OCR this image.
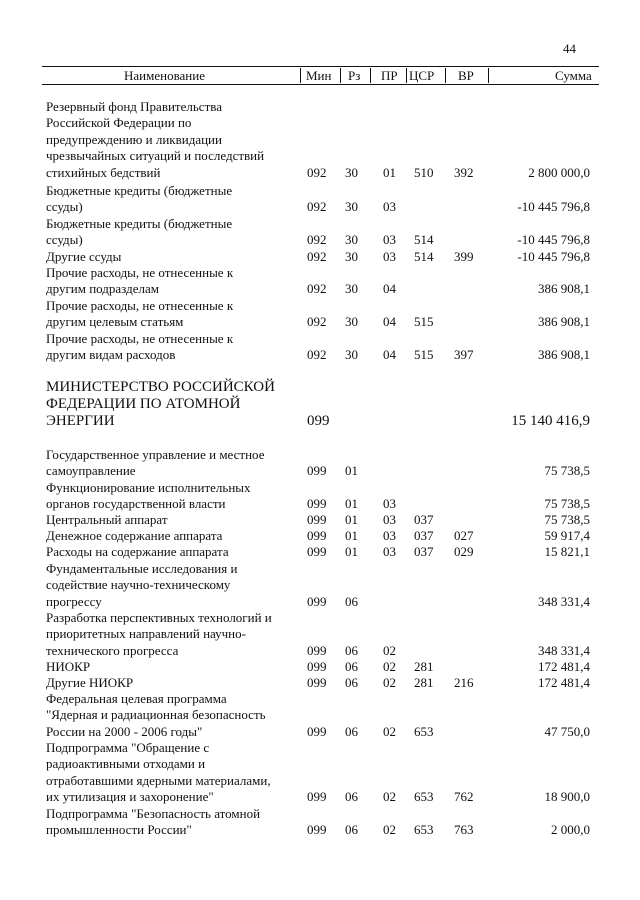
44
Наименование	Мин Рз ПР ЦСР ВР	Сумма
Резервный фонд Правительства
Российской Федерации по
предупреждению и ликвидации
чрезвычайных ситуаций и последствий
стихийных бедствий	092 30 01 510 392	2 800 000,0
Бюджетные кредиты (бюджетные
ссуды)	092 30 03	-10 445 796,8
Бюджетные кредиты (бюджетные
ссуды)	092 30 03 514	-10 445 796,8
Другие ссуды	092 30 03 514 399	-10 445 796,8
Прочие расходы, не отнесенные к
другим подразделам	092 30 04	386 908,1
Прочие расходы, не отнесенные к
другим целевым статьям	092 30 04 515	386 908,1
Прочие расходы, не отнесенные к
другим видам расходов	092 30 04 515 397	386 908,1
МИНИСТЕРСТВО РОССИЙСКОЙ
ФЕДЕРАЦИИ ПО АТОМНОЙ
ЭНЕРГИИ	099	15 140 416,9
Государственное управление и местное
самоуправление	099 01	75 738,5
Функционирование исполнительных
органов государственной власти	099 01 03	75 738,5
Центральный аппарат	099 01 03 037	75 738,5
Денежное содержание аппарата	099 01 03 037 027	59 917,4
Расходы на содержание аппарата	099 01 03 037 029	15 821,1
Фундаментальные исследования и
содействие научно-техническому
прогрессу	099 06	348 331,4
Разработка перспективных технологий и
приоритетных направлений научно-
технического прогресса	099 06 02	348 331,4
НИОКР	099 06 02 281	172 481,4
Другие НИОКР	099 06 02 281 216	172 481,4
Федеральная целевая программа
"Ядерная и радиационная безопасность
России на 2000 - 2006 годы"	099 06 02 653	47 750,0
Подпрограмма "Обращение с
радиоактивными отходами и
отработавшими ядерными материалами,
их утилизация и захоронение"	099 06 02 653 762	18 900,0
Подпрограмма "Безопасность атомной
промышленности России"	099 06 02 653 763	2 000,0
